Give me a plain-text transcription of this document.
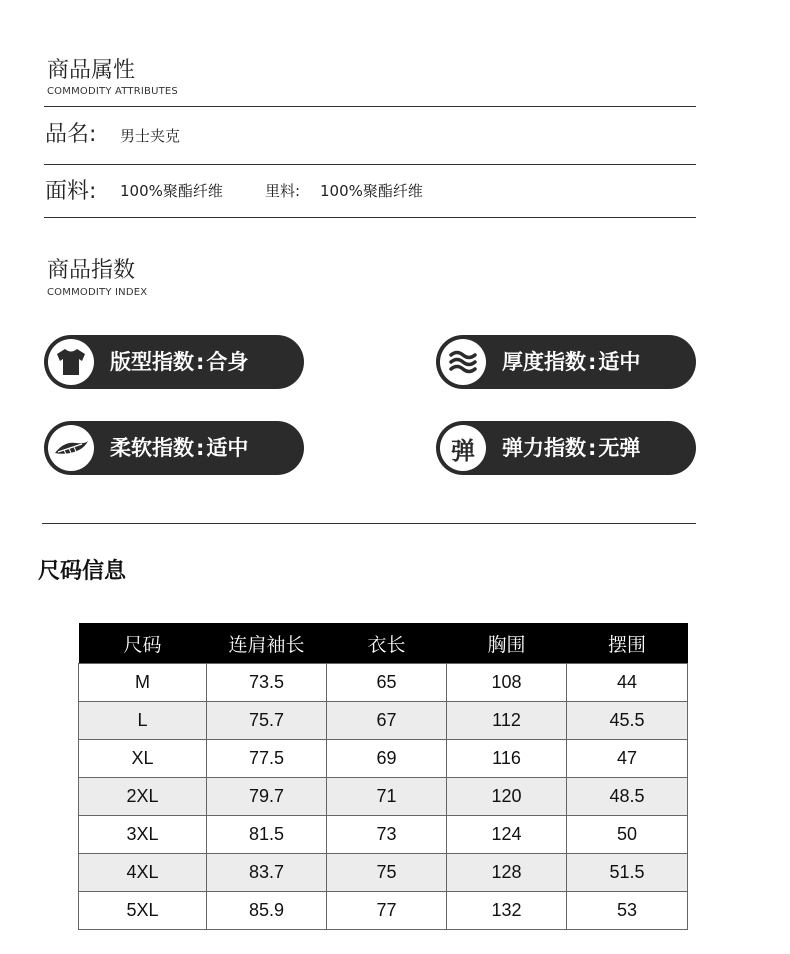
商品属性
COMMODITY ATTRIBUTES
品名: 男士夹克
面料: 100%聚酯纤维	里料: 100%聚酯纤维
商品指数
COMMODITY INDEX
版型指数:合身	厚度指数:适中
柔软指数:适中	弹 弹力指数:无弹
尺码信息
尺码	连肩袖长	衣长	胸围	摆围
M	73.5	65	108	44
L	75.7	67	112	45.5
XL	77.5	69	116	47
2XL	79.7	71	120	48.5
3XL	81.5	73	124	50
4XL	83.7	75	128	51.5
5XL	85.9	77	132	53
